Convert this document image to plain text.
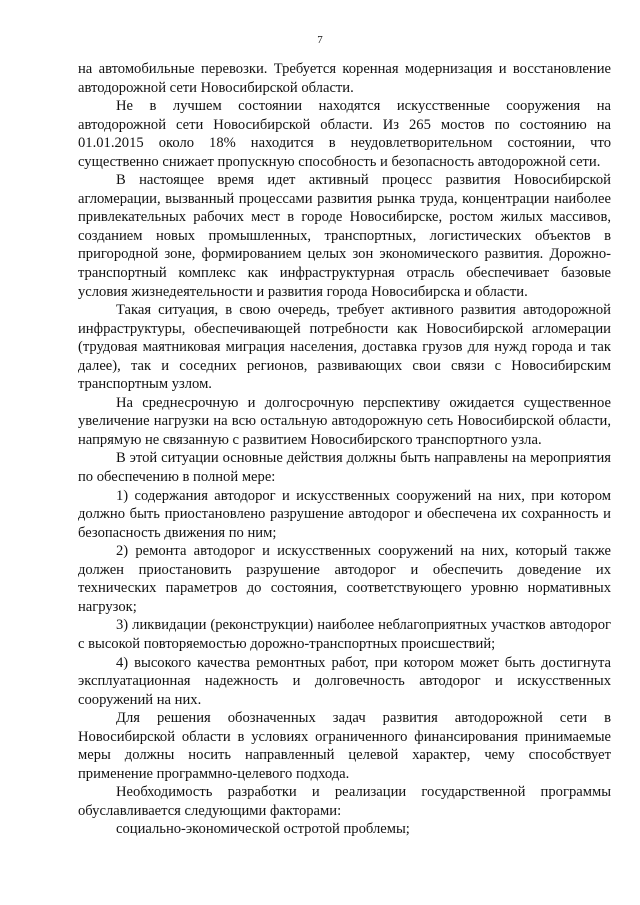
7

на автомобильные перевозки. Требуется коренная модернизация и восстановление автодорожной сети Новосибирской области.

Не в лучшем состоянии находятся искусственные сооружения на автодорожной сети Новосибирской области. Из 265 мостов по состоянию на 01.01.2015 около 18% находится в неудовлетворительном состоянии, что существенно снижает пропускную способность и безопасность автодорожной сети.

В настоящее время идет активный процесс развития Новосибирской агломерации, вызванный процессами развития рынка труда, концентрации наиболее привлекательных рабочих мест в городе Новосибирске, ростом жилых массивов, созданием новых промышленных, транспортных, логистических объектов в пригородной зоне, формированием целых зон экономического развития. Дорожно-транспортный комплекс как инфраструктурная отрасль обеспечивает базовые условия жизнедеятельности и развития города Новосибирска и области.

Такая ситуация, в свою очередь, требует активного развития автодорожной инфраструктуры, обеспечивающей потребности как Новосибирской агломерации (трудовая маятниковая миграция населения, доставка грузов для нужд города и так далее), так и соседних регионов, развивающих свои связи с Новосибирским транспортным узлом.

На среднесрочную и долгосрочную перспективу ожидается существенное увеличение нагрузки на всю остальную автодорожную сеть Новосибирской области, напрямую не связанную с развитием Новосибирского транспортного узла.

В этой ситуации основные действия должны быть направлены на мероприятия по обеспечению в полной мере:

1) содержания автодорог и искусственных сооружений на них, при котором должно быть приостановлено разрушение автодорог и обеспечена их сохранность и безопасность движения по ним;

2) ремонта автодорог и искусственных сооружений на них, который также должен приостановить разрушение автодорог и обеспечить доведение их технических параметров до состояния, соответствующего уровню нормативных нагрузок;

3) ликвидации (реконструкции) наиболее неблагоприятных участков автодорог с высокой повторяемостью дорожно-транспортных происшествий;

4) высокого качества ремонтных работ, при котором может быть достигнута эксплуатационная надежность и долговечность автодорог и искусственных сооружений на них.

Для решения обозначенных задач развития автодорожной сети в Новосибирской области в условиях ограниченного финансирования принимаемые меры должны носить направленный целевой характер, чему способствует применение программно-целевого подхода.

Необходимость разработки и реализации государственной программы обуславливается следующими факторами:

социально-экономической остротой проблемы;
